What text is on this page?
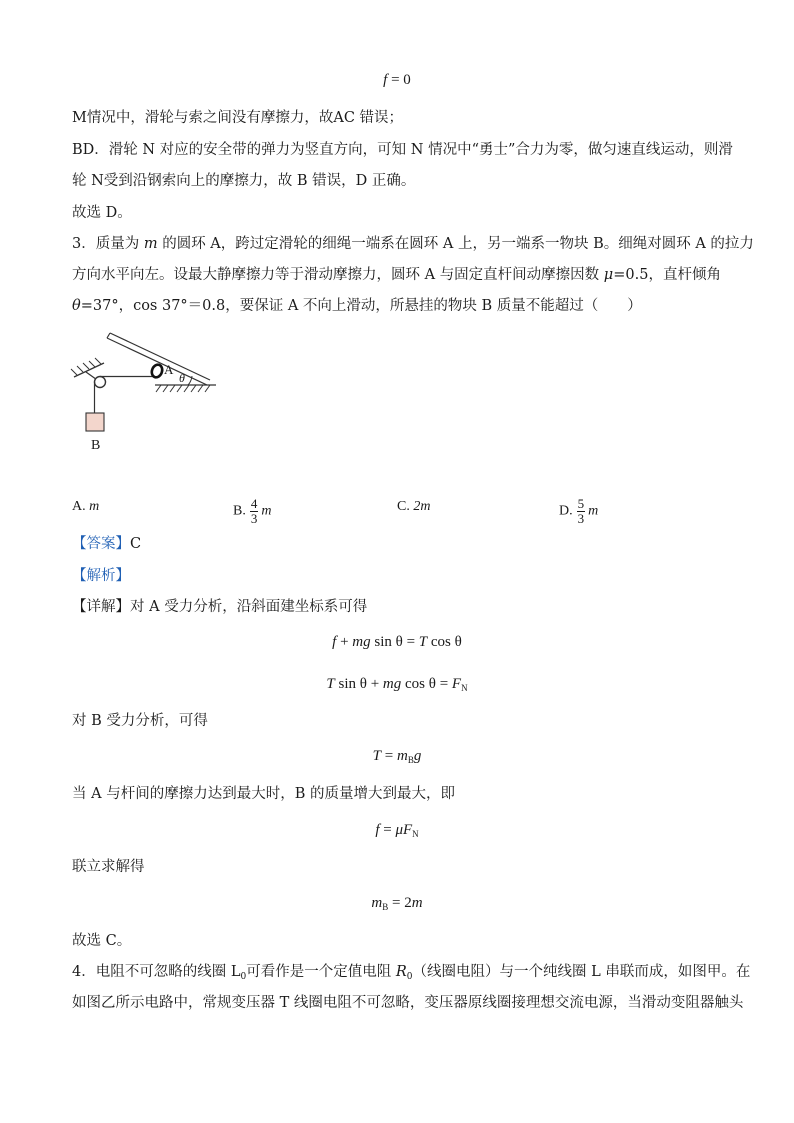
f = 0
M情况中，滑轮与索之间没有摩擦力，故AC 错误；
BD．滑轮 N 对应的安全带的弹力为竖直方向，可知 N 情况中“勇士”合力为零，做匀速直线运动，则滑
轮 N受到沿钢索向上的摩擦力，故 B 错误，D 正确。
故选 D。
3．质量为 m 的圆环 A，跨过定滑轮的细绳一端系在圆环 A 上，另一端系一物块 B。细绳对圆环 A 的拉力
方向水平向左。设最大静摩擦力等于滑动摩擦力，圆环 A 与固定直杆间动摩擦因数 μ=0.5，直杆倾角
θ=37°，cos 37°＝0.8，要保证 A 不向上滑动，所悬挂的物块 B 质量不能超过（　　）
B
A
θ
A. m	B. $\frac{4}{3}$ m	C. 2m	D. $\frac{5}{3}$ m
【答案】C
【解析】
【详解】对 A 受力分析，沿斜面建坐标系可得
f + mg sin θ = T cos θ
T sin θ + mg $\cos \theta = F_N$
对 B 受力分析，可得
$T = m_Bg$
当 A 与杆间的摩擦力达到最大时，B 的质量增大到最大，即
$f = \mu F_N$
联立求解得
$m_B = 2m$
故选 C。
4．电阻不可忽略的线圈 $L_0$可看作是一个定值电阻 $R_0$（线圈电阻）与一个纯线圈 L 串联而成，如图甲。在
如图乙所示电路中，常规变压器 T 线圈电阻不可忽略，变压器原线圈接理想交流电源，当滑动变阻器触头
